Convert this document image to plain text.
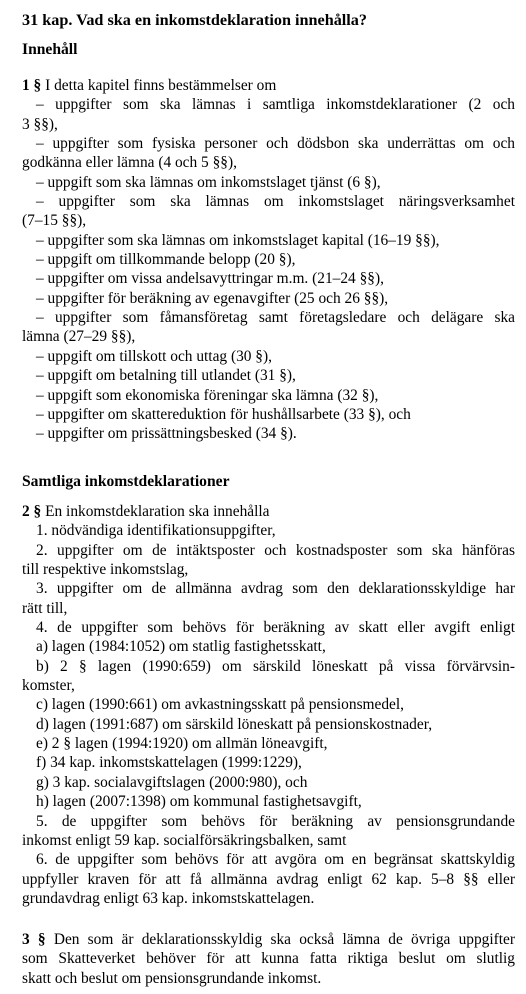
31 kap. Vad ska en inkomstdeklaration innehålla?
Innehåll
1 § I detta kapitel finns bestämmelser om
– uppgifter som ska lämnas i samtliga inkomstdeklarationer (2 och
3 §§),
– uppgifter som fysiska personer och dödsbon ska underrättas om och
godkänna eller lämna (4 och 5 §§),
– uppgift som ska lämnas om inkomstslaget tjänst (6 §),
– uppgifter som ska lämnas om inkomstslaget näringsverksamhet
(7–15 §§),
– uppgifter som ska lämnas om inkomstslaget kapital (16–19 §§),
– uppgift om tillkommande belopp (20 §),
– uppgifter om vissa andelsavyttringar m.m. (21–24 §§),
– uppgifter för beräkning av egenavgifter (25 och 26 §§),
– uppgifter som fåmansföretag samt företagsledare och delägare ska
lämna (27–29 §§),
– uppgift om tillskott och uttag (30 §),
– uppgift om betalning till utlandet (31 §),
– uppgift som ekonomiska föreningar ska lämna (32 §),
– uppgifter om skattereduktion för hushållsarbete (33 §), och
– uppgifter om prissättningsbesked (34 §).
Samtliga inkomstdeklarationer
2 § En inkomstdeklaration ska innehålla
1. nödvändiga identifikationsuppgifter,
2. uppgifter om de intäktsposter och kostnadsposter som ska hänföras
till respektive inkomstslag,
3. uppgifter om de allmänna avdrag som den deklarationsskyldige har
rätt till,
4. de uppgifter som behövs för beräkning av skatt eller avgift enligt
a) lagen (1984:1052) om statlig fastighetsskatt,
b) 2 § lagen (1990:659) om särskild löneskatt på vissa förvärvsin-
komster,
c) lagen (1990:661) om avkastningsskatt på pensionsmedel,
d) lagen (1991:687) om särskild löneskatt på pensionskostnader,
e) 2 § lagen (1994:1920) om allmän löneavgift,
f) 34 kap. inkomstskattelagen (1999:1229),
g) 3 kap. socialavgiftslagen (2000:980), och
h) lagen (2007:1398) om kommunal fastighetsavgift,
5. de uppgifter som behövs för beräkning av pensionsgrundande
inkomst enligt 59 kap. socialförsäkringsbalken, samt
6. de uppgifter som behövs för att avgöra om en begränsat skattskyldig
uppfyller kraven för att få allmänna avdrag enligt 62 kap. 5–8 §§ eller
grundavdrag enligt 63 kap. inkomstskattelagen.
3 § Den som är deklarationsskyldig ska också lämna de övriga uppgifter
som Skatteverket behöver för att kunna fatta riktiga beslut om slutlig
skatt och beslut om pensionsgrundande inkomst.
